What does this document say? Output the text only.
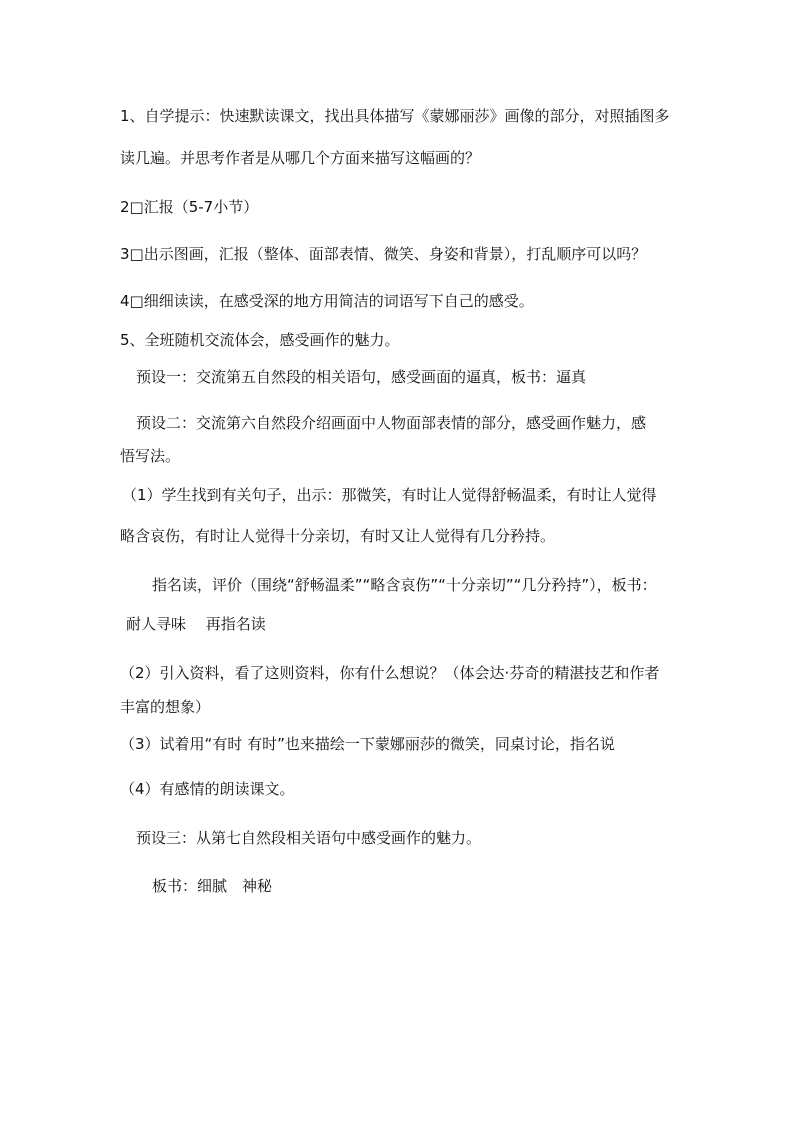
1、自学提示：快速默读课文，找出具体描写《蒙娜丽莎》画像的部分，对照插图多

读几遍。并思考作者是从哪几个方面来描写这幅画的？

2□汇报（5-7小节）

3□出示图画，汇报（整体、面部表情、微笑、身姿和背景），打乱顺序可以吗？

4□细细读读，在感受深的地方用简洁的词语写下自己的感受。

5、全班随机交流体会，感受画作的魅力。

预设一：交流第五自然段的相关语句，感受画面的逼真，板书：逼真

预设二：交流第六自然段介绍画面中人物面部表情的部分，感受画作魅力，感

悟写法。

（1）学生找到有关句子，出示：那微笑，有时让人觉得舒畅温柔，有时让人觉得

略含哀伤，有时让人觉得十分亲切，有时又让人觉得有几分矜持。

指名读，评价（围绕“舒畅温柔”“略含哀伤”“十分亲切”“几分矜持”），板书：

耐人寻味　 再指名读

（2）引入资料，看了这则资料，你有什么想说？（体会达·芬奇的精湛技艺和作者

丰富的想象）

（3）试着用“有时 有时”也来描绘一下蒙娜丽莎的微笑，同桌讨论，指名说

（4）有感情的朗读课文。

预设三：从第七自然段相关语句中感受画作的魅力。

板书：细腻　神秘
